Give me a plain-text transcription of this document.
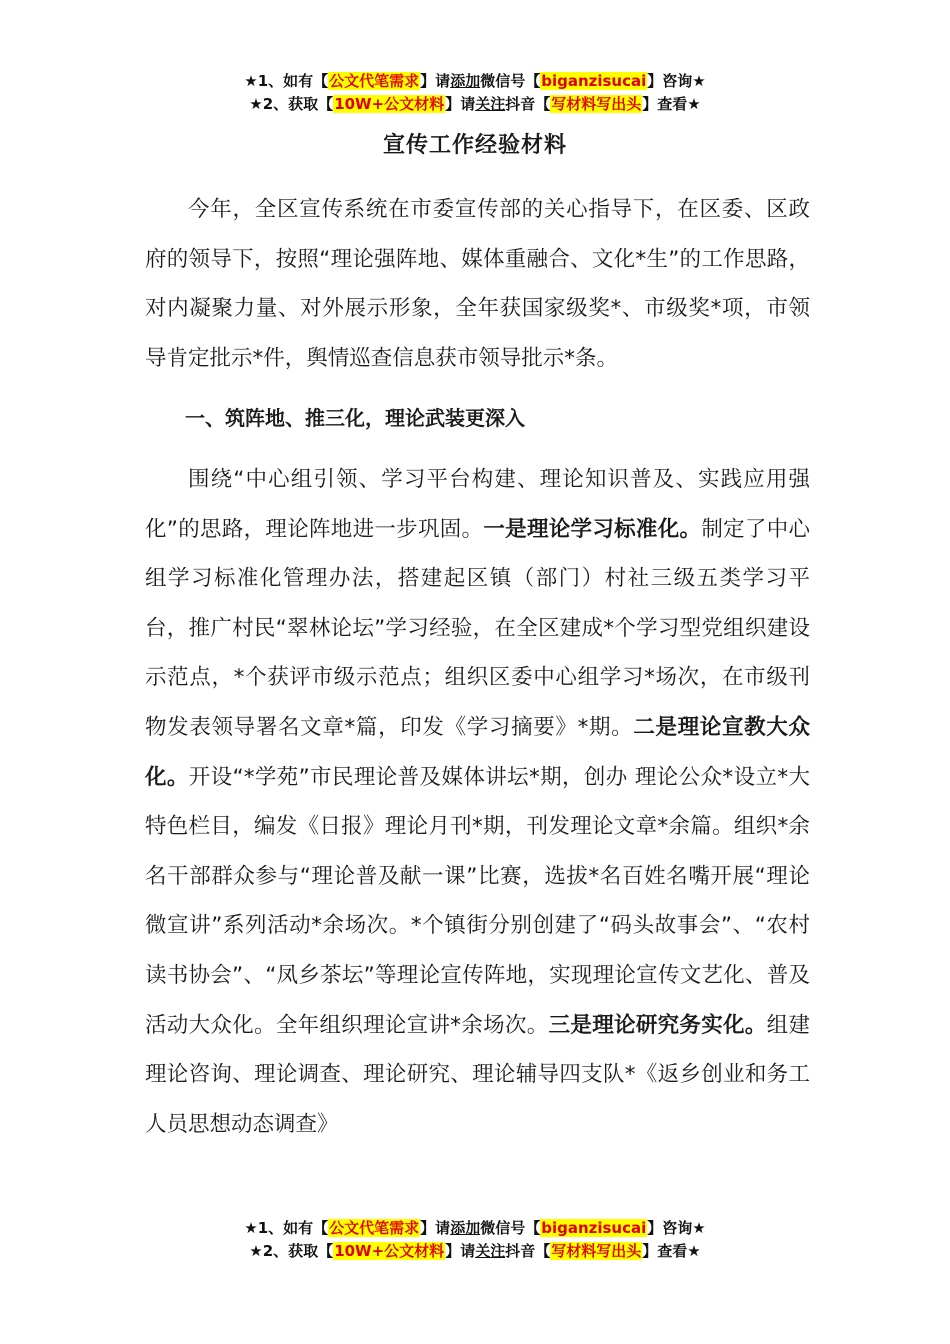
★1、如有【公文代笔需求】请添加微信号【biganzisucai】咨询★
★2、获取【10W+公文材料】请关注抖音【写材料写出头】查看★
宣传工作经验材料

今年，全区宣传系统在市委宣传部的关心指导下，在区委、区政府的领导下，按照“理论强阵地、媒体重融合、文化*生”的工作思路，对内凝聚力量、对外展示形象，全年获国家级奖*、市级奖*项，市领导肯定批示*件，舆情巡查信息获市领导批示*条。

一、筑阵地、推三化，理论武装更深入

围绕“中心组引领、学习平台构建、理论知识普及、实践应用强化”的思路，理论阵地进一步巩固。一是理论学习标准化。制定了中心组学习标准化管理办法，搭建起区镇（部门）村社三级五类学习平台，推广村民“翠林论坛”学习经验，在全区建成*个学习型党组织建设示范点，*个获评市级示范点；组织区委中心组学习*场次，在市级刊物发表领导署名文章*篇，印发《学习摘要》*期。二是理论宣教大众化。开设“*学苑”市民理论普及媒体讲坛*期，创办 理论公众*设立*大特色栏目，编发《日报》理论月刊*期，刊发理论文章*余篇。组织*余名干部群众参与“理论普及献一课”比赛，选拔*名百姓名嘴开展“理论微宣讲”系列活动*余场次。*个镇街分别创建了“码头故事会”、“农村读书协会”、“凤乡茶坛”等理论宣传阵地，实现理论宣传文艺化、普及活动大众化。全年组织理论宣讲*余场次。三是理论研究务实化。组建理论咨询、理论调查、理论研究、理论辅导四支队*《返乡创业和务工人员思想动态调查》

★1、如有【公文代笔需求】请添加微信号【biganzisucai】咨询★
★2、获取【10W+公文材料】请关注抖音【写材料写出头】查看★
